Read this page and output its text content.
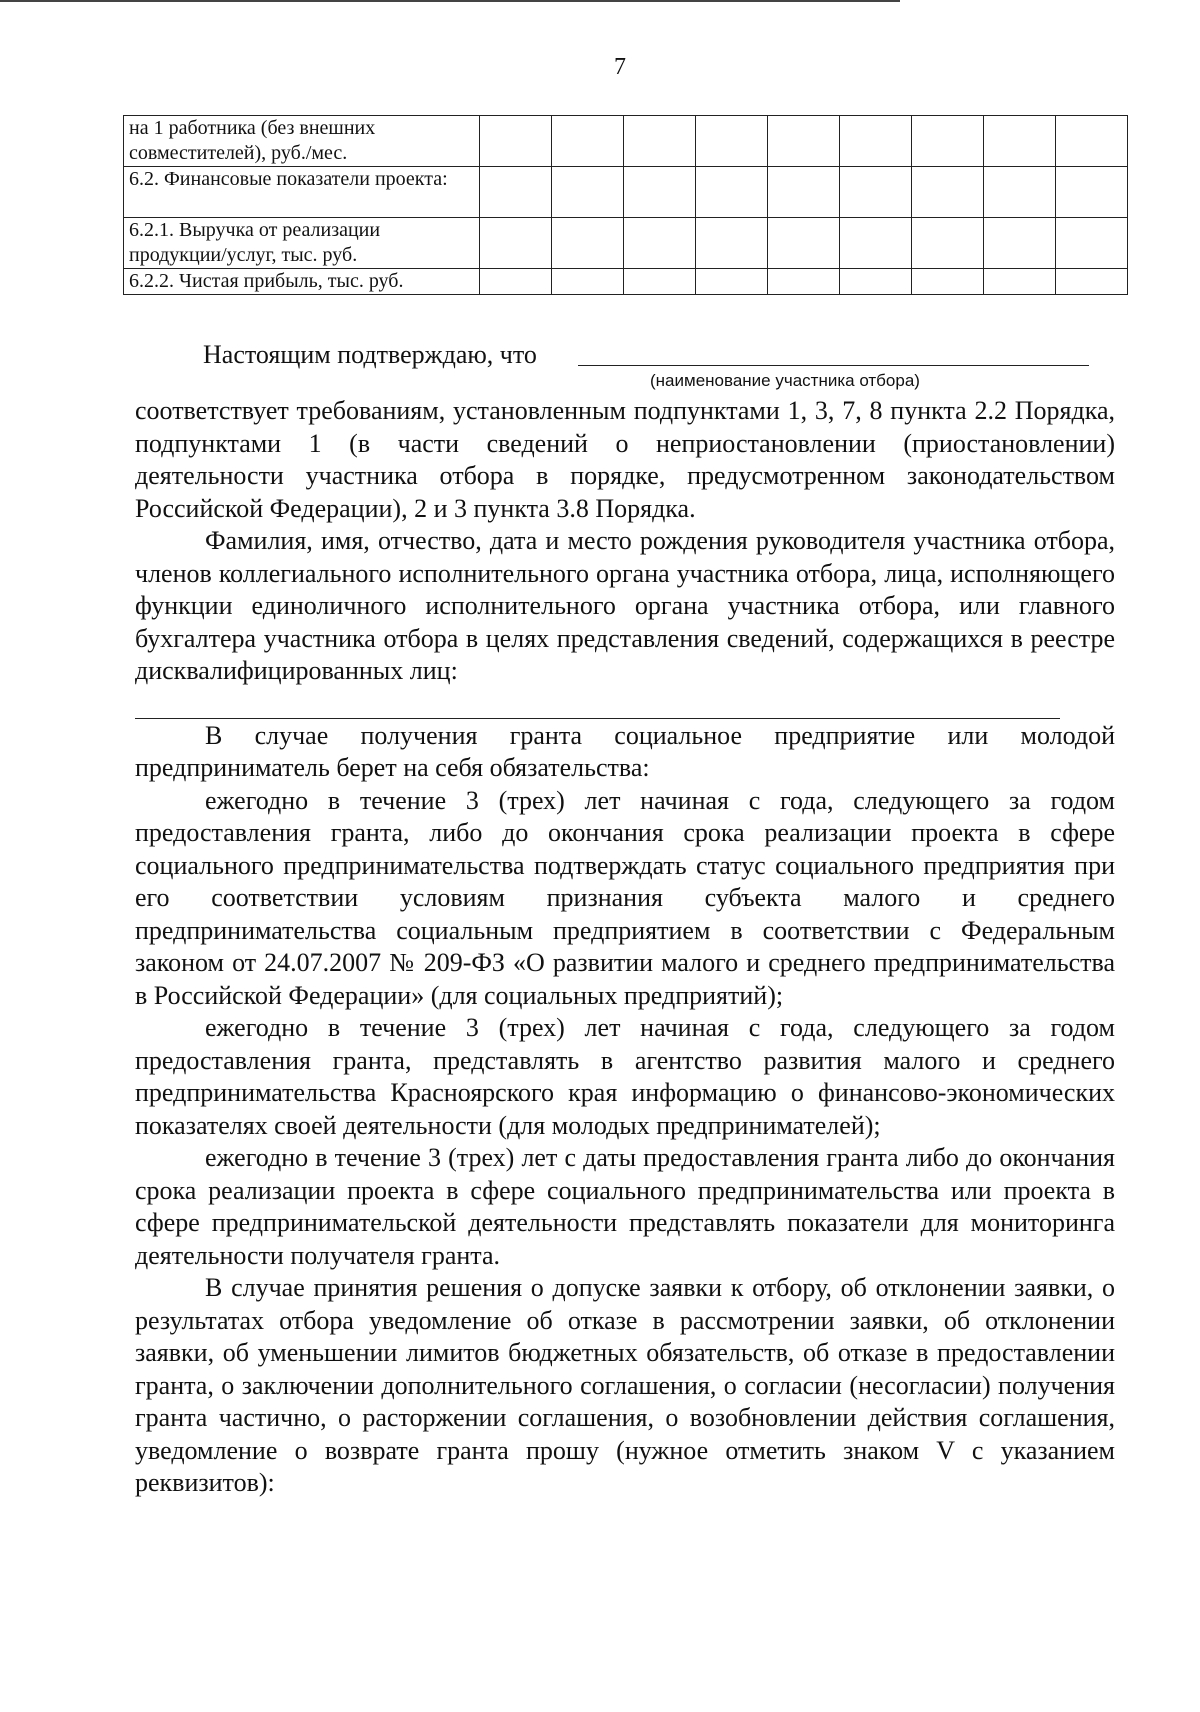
7
на 1 работника (без внешних совместителей), руб./мес.									
6.2. Финансовые показатели проекта:									
6.2.1. Выручка от реализации продукции/услуг, тыс. руб.									
6.2.2. Чистая прибыль, тыс. руб.									
Настоящим подтверждаю, что
(наименование участника отбора)

соответствует требованиям, установленным подпунктами 1, 3, 7, 8 пункта 2.2 Порядка, подпунктами 1 (в части сведений о неприостановлении (приостановлении) деятельности участника отбора в порядке, предусмотренном законодательством Российской Федерации), 2 и 3 пункта 3.8 Порядка.

Фамилия, имя, отчество, дата и место рождения руководителя участника отбора, членов коллегиального исполнительного органа участника отбора, лица, исполняющего функции единоличного исполнительного органа участника отбора, или главного бухгалтера участника отбора в целях представления сведений, содержащихся в реестре дисквалифицированных лиц:

В случае получения гранта социальное предприятие или молодой предприниматель берет на себя обязательства:

ежегодно в течение 3 (трех) лет начиная с года, следующего за годом предоставления гранта, либо до окончания срока реализации проекта в сфере социального предпринимательства подтверждать статус социального предприятия при его соответствии условиям признания субъекта малого и среднего предпринимательства социальным предприятием в соответствии с Федеральным законом от 24.07.2007 № 209-ФЗ «О развитии малого и среднего предпринимательства в Российской Федерации» (для социальных предприятий);

ежегодно в течение 3 (трех) лет начиная с года, следующего за годом предоставления гранта, представлять в агентство развития малого и среднего предпринимательства Красноярского края информацию о финансово-экономических показателях своей деятельности (для молодых предпринимателей);

ежегодно в течение 3 (трех) лет с даты предоставления гранта либо до окончания срока реализации проекта в сфере социального предпринимательства или проекта в сфере предпринимательской деятельности представлять показатели для мониторинга деятельности получателя гранта.

В случае принятия решения о допуске заявки к отбору, об отклонении заявки, о результатах отбора уведомление об отказе в рассмотрении заявки, об отклонении заявки, об уменьшении лимитов бюджетных обязательств, об отказе в предоставлении гранта, о заключении дополнительного соглашения, о согласии (несогласии) получения гранта частично, о расторжении соглашения, о возобновлении действия соглашения, уведомление о возврате гранта прошу (нужное отметить знаком V с указанием реквизитов):
